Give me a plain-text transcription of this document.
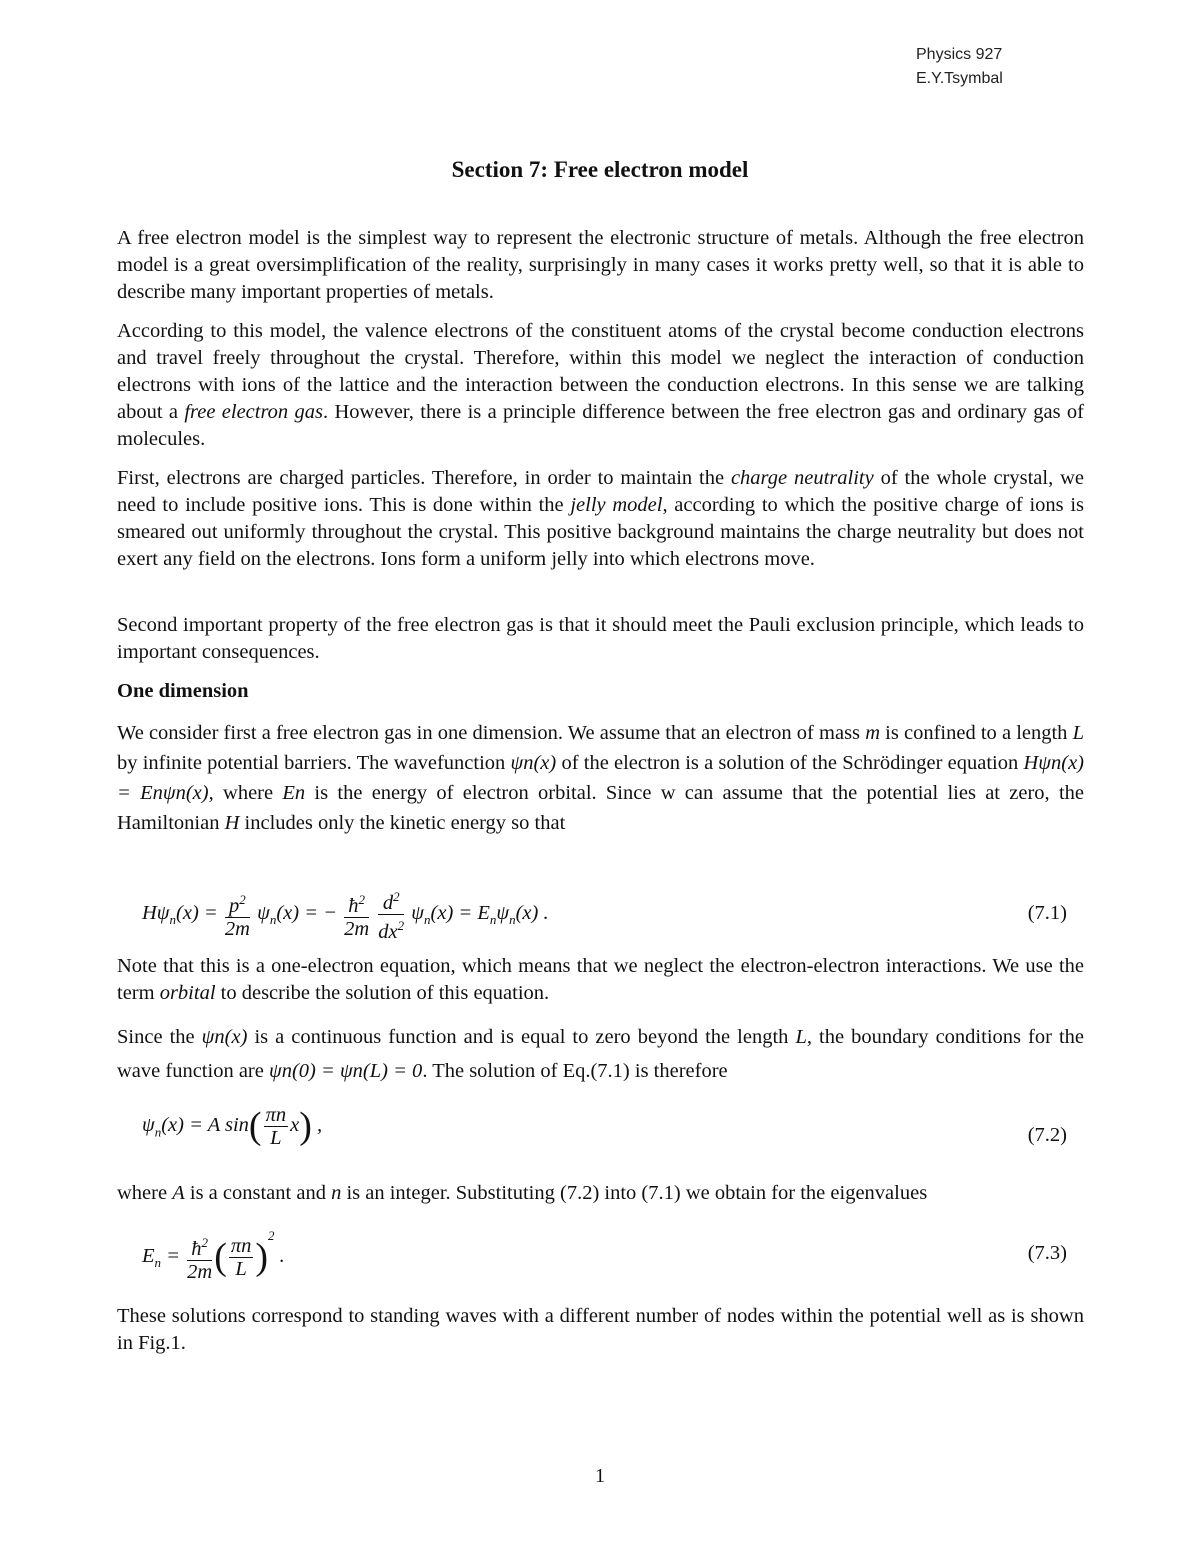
Physics 927
E.Y.Tsymbal
Section 7: Free electron model

A free electron model is the simplest way to represent the electronic structure of metals. Although the free electron model is a great oversimplification of the reality, surprisingly in many cases it works pretty well, so that it is able to describe many important properties of metals.

According to this model, the valence electrons of the constituent atoms of the crystal become conduction electrons and travel freely throughout the crystal. Therefore, within this model we neglect the interaction of conduction electrons with ions of the lattice and the interaction between the conduction electrons. In this sense we are talking about a free electron gas. However, there is a principle difference between the free electron gas and ordinary gas of molecules.

First, electrons are charged particles. Therefore, in order to maintain the charge neutrality of the whole crystal, we need to include positive ions. This is done within the jelly model, according to which the positive charge of ions is smeared out uniformly throughout the crystal. This positive background maintains the charge neutrality but does not exert any field on the electrons. Ions form a uniform jelly into which electrons move.

Second important property of the free electron gas is that it should meet the Pauli exclusion principle, which leads to important consequences.

One dimension

We consider first a free electron gas in one dimension. We assume that an electron of mass m is confined to a length L by infinite potential barriers. The wavefunction ψn(x) of the electron is a solution of the Schrödinger equation Hψn(x) = Enψn(x), where En is the energy of electron orbital. Since w can assume that the potential lies at zero, the Hamiltonian H includes only the kinetic energy so that

$H\psi_n(x) = \frac{p^2}{2m} \psi_n(x)$ = − $\frac{ħ^2}{2m}$
$\frac{d^2}{dx^2} \psi_n(x) = E_n\psi_n(x)$ .	(7.1)

Note that this is a one-electron equation, which means that we neglect the electron-electron interactions. We use the term orbital to describe the solution of this equation.

Since the ψn(x) is a continuous function and is equal to zero beyond the length L, the boundary conditions for the wave function are ψn(0) = ψn(L) = 0. The solution of Eq.(7.1) is therefore

$\psi_n(x) = A$ $\sin( \frac{\pi n}{L} x)$ ,	(7.2)

where A is a constant and n is an integer. Substituting (7.2) into (7.1) we obtain for the eigenvalues

$E_n = \frac{ħ^2}{2m}$ ( $\frac{\pi n}{L} )^2$ .	(7.3)

These solutions correspond to standing waves with a different number of nodes within the potential well as is shown in Fig.1.

1
